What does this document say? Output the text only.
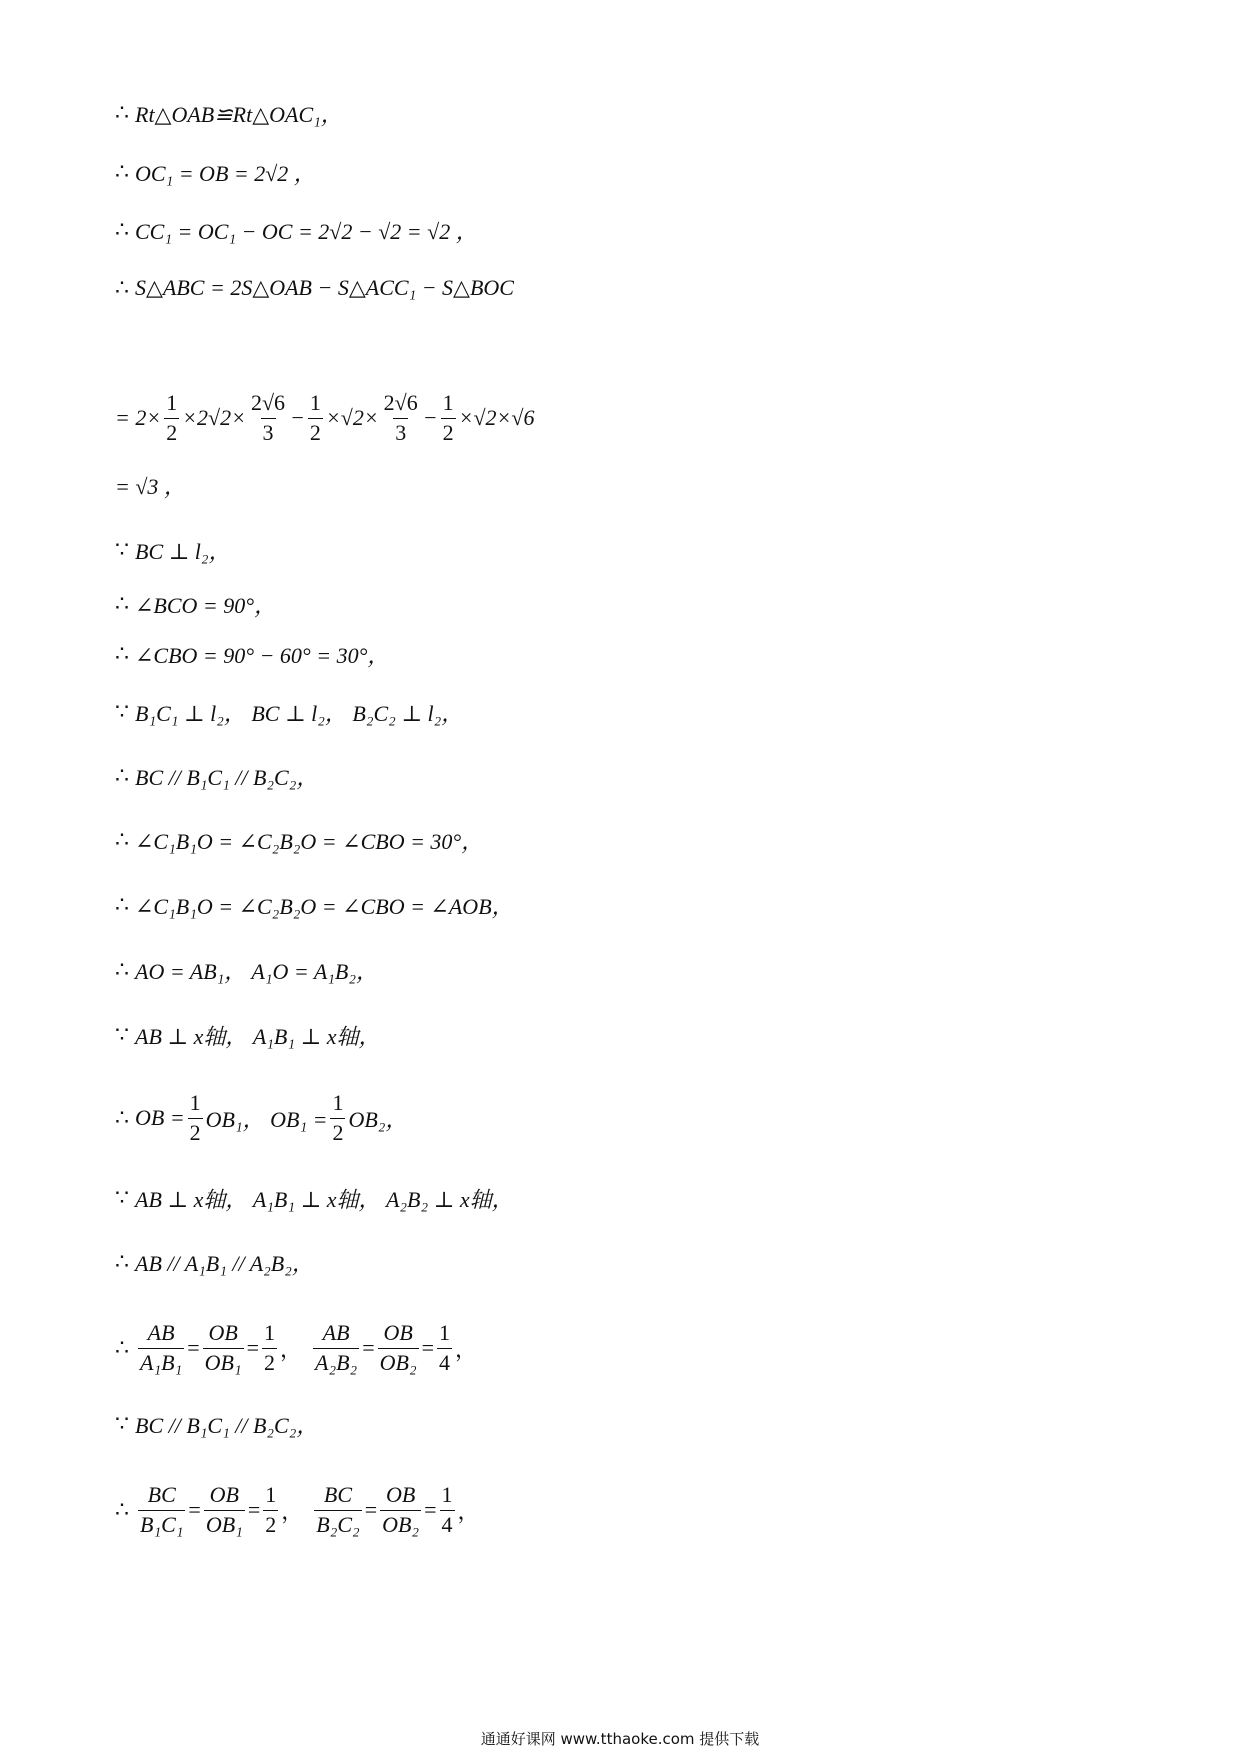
∴ Rt△OAB≌Rt△OAC₁，
∴ OC₁ = OB = 2√2 ，
∴ CC₁ = OC₁ − OC = 2√2 − √2 = √2 ，
∴ S△ABC = 2S△OAB − S△ACC₁ − S△BOC
= $2\times \frac{1}{2} \times 2√2\times \frac{2√6}{3} - \frac{1}{2} \times√2\times \frac{2√6}{3} - \frac{1}{2} \times√2\times√6$
= √3 ，
∵ BC ⊥ l₂，
∴ ∠BCO = 90°，
∴ ∠CBO = 90° − 60° = 30°，
∵ B₁C₁ ⊥ l₂， BC ⊥ l₂， B₂C₂ ⊥ l₂，
∴ BC // B₁C₁ // B₂C₂，
∴ ∠C₁B₁O = ∠C₂B₂O = ∠CBO = 30°，
∴ ∠C₁B₁O = ∠C₂B₂O = ∠CBO = ∠AOB，
∴ AO = AB₁， A₁O = A₁B₂，
∵ AB ⊥ x轴， A₁B₁ ⊥ x轴，
∴ OB = $\frac{1}{2} OB_1$， $OB_1 = \frac{1}{2} OB_2$，
∵ AB ⊥ x轴， A₁B₁ ⊥ x轴， A₂B₂ ⊥ x轴，
∴ AB // A₁B₁ // A₂B₂，
∴ $\frac{AB}{\text{A₁B₁}} = \frac{OB}{\text{OB₁}} = \frac{1}{2}$ ， $\frac{AB}{\text{A₂B₂}} = \frac{OB}{\text{OB₂}} = \frac{1}{4}$ ，
∵ BC // B₁C₁ // B₂C₂，
∴ $\frac{BC}{\text{B₁C₁}} = \frac{OB}{\text{OB₁}} = \frac{1}{2}$ ， $\frac{BC}{\text{B₂C₂}} = \frac{OB}{\text{OB₂}} = \frac{1}{4}$ ，
通通好课网 www.tthaoke.com 提供下载
